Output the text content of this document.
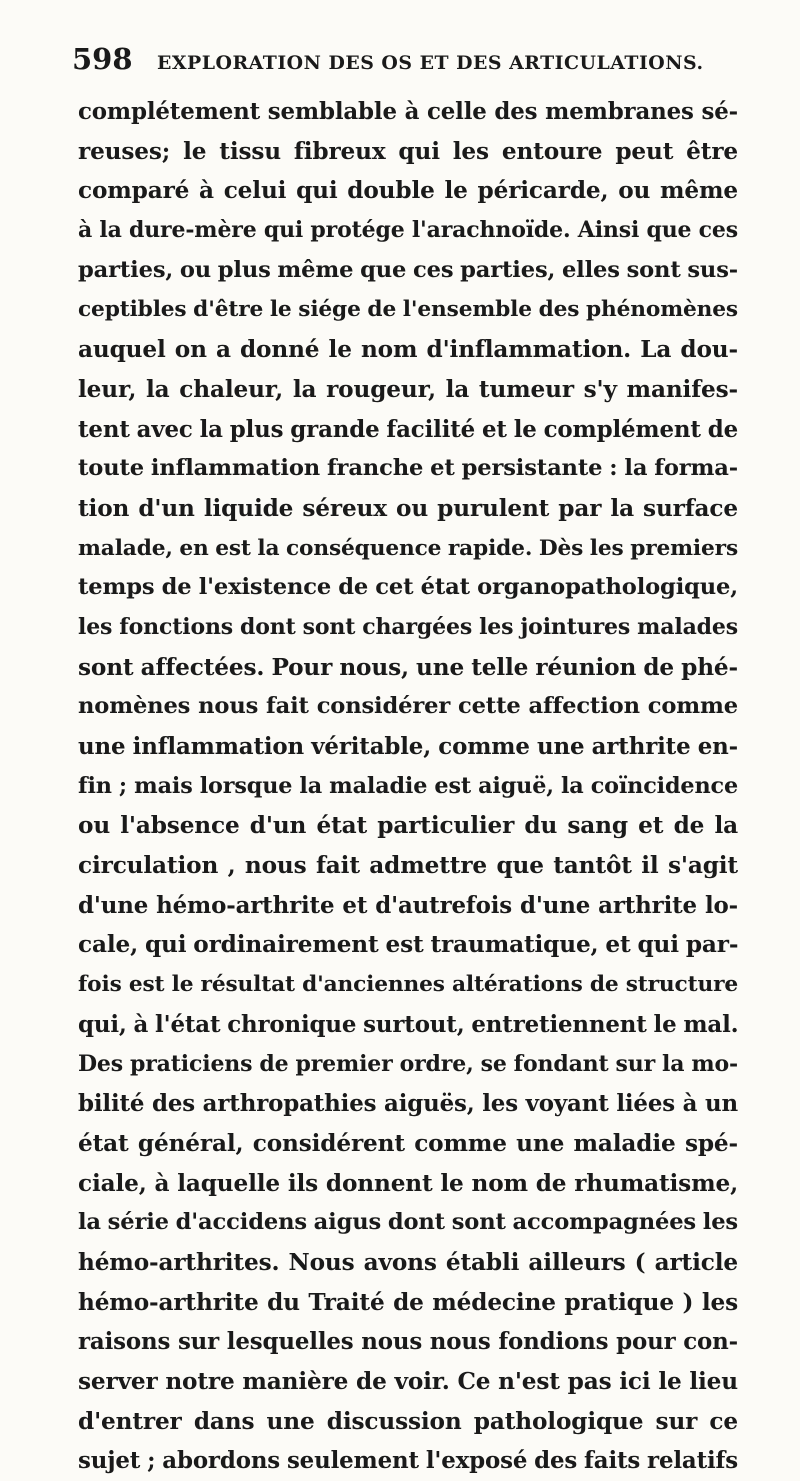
598 EXPLORATION DES OS ET DES ARTICULATIONS.
complétement semblable à celle des membranes sé-
reuses; le tissu fibreux qui les entoure peut être
comparé à celui qui double le péricarde, ou même
à la dure-mère qui protége l'arachnoïde. Ainsi que ces
parties, ou plus même que ces parties, elles sont sus-
ceptibles d'être le siége de l'ensemble des phénomènes
auquel on a donné le nom d'inflammation. La dou-
leur, la chaleur, la rougeur, la tumeur s'y manifes-
tent avec la plus grande facilité et le complément de
toute inflammation franche et persistante : la forma-
tion d'un liquide séreux ou purulent par la surface
malade, en est la conséquence rapide. Dès les premiers
temps de l'existence de cet état organopathologique,
les fonctions dont sont chargées les jointures malades
sont affectées. Pour nous, une telle réunion de phé-
nomènes nous fait considérer cette affection comme
une inflammation véritable, comme une arthrite en-
fin ; mais lorsque la maladie est aiguë, la coïncidence
ou l'absence d'un état particulier du sang et de la
circulation , nous fait admettre que tantôt il s'agit
d'une hémo-arthrite et d'autrefois d'une arthrite lo-
cale, qui ordinairement est traumatique, et qui par-
fois est le résultat d'anciennes altérations de structure
qui, à l'état chronique surtout, entretiennent le mal.
Des praticiens de premier ordre, se fondant sur la mo-
bilité des arthropathies aiguës, les voyant liées à un
état général, considérent comme une maladie spé-
ciale, à laquelle ils donnent le nom de rhumatisme,
la série d'accidens aigus dont sont accompagnées les
hémo-arthrites. Nous avons établi ailleurs ( article
hémo-arthrite du Traité de médecine pratique ) les
raisons sur lesquelles nous nous fondions pour con-
server notre manière de voir. Ce n'est pas ici le lieu
d'entrer dans une discussion pathologique sur ce
sujet ; abordons seulement l'exposé des faits relatifs
